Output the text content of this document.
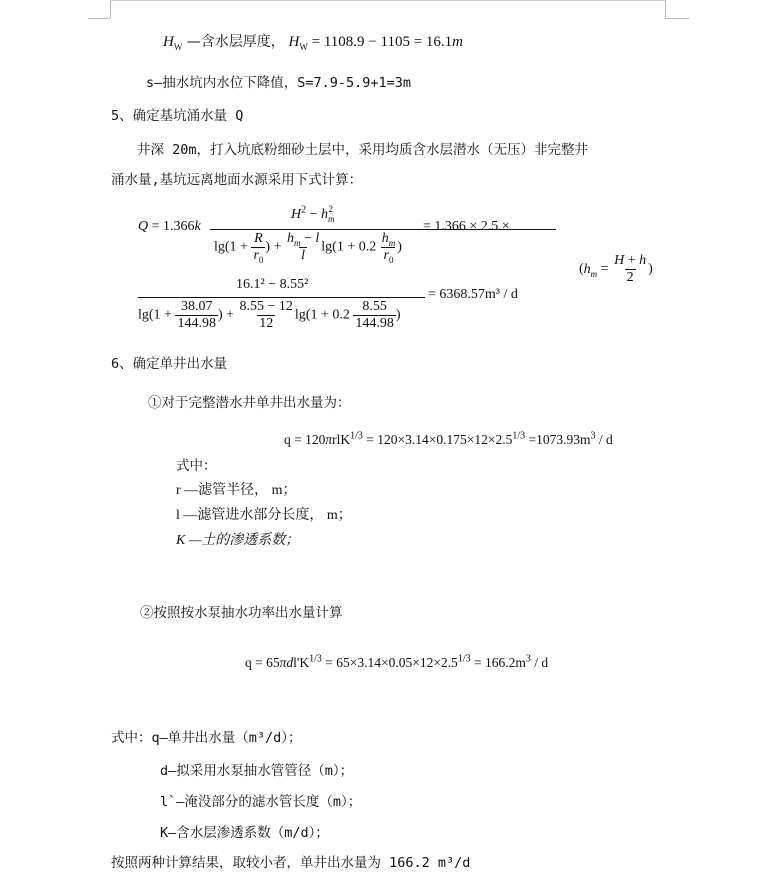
$H_W$ —含水层厚度， $H_W = 1108.9 - 1105 = 16.1m$
s—抽水坑内水位下降值，S=7.9-5.9+1=3m
5、确定基坑涌水量 Q
井深 20m，打入坑底粉细砂土层中，采用均质含水层潜水（无压）非完整井
涌水量,基坑远离地面水源采用下式计算：
Q = 1.366k
$H^2 - h_m^2$
$\lg(1 + \frac{R}{r_0}$ ) + $\frac{h_m - l}{l} \lg(1 + 0.2 \frac{h_m}{r_0}$ )
= 1.366 × 2.5 ×
16.1² − 8.55²
$\lg(1 + \frac{38.07}{144.98}$ ) + $\frac{8.55 - 12}{12} \lg(1 + 0.2 \frac{8.55}{144.98}$ )
= 6368.57m³ / d
($h_m = \frac{H + h}{2}$ )
6、确定单井出水量
①对于完整潜水井单井出水量为：
$q = 120\pi rlK^{1/3} = 120\times 3.14\times 0.175\times 12\times 2.5^{1/3} =1073.93m^3 / d$
式中：
r —滤管半径， m；
l —滤管进水部分长度， m；
K —土的渗透系数；
②按照按水泵抽水功率出水量计算
$q = 65\pi dl'K^{1/3} = 65\times 3.14\times 0.05\times 12\times 2.5^{1/3} = 166.2m^3 / d$
式中：q—单井出水量（m³/d）；
d—拟采用水泵抽水管管径（m）；
l`—淹没部分的滤水管长度（m）；
K—含水层渗透系数（m/d）；
按照两种计算结果，取较小者，单井出水量为 166.2 m³/d
